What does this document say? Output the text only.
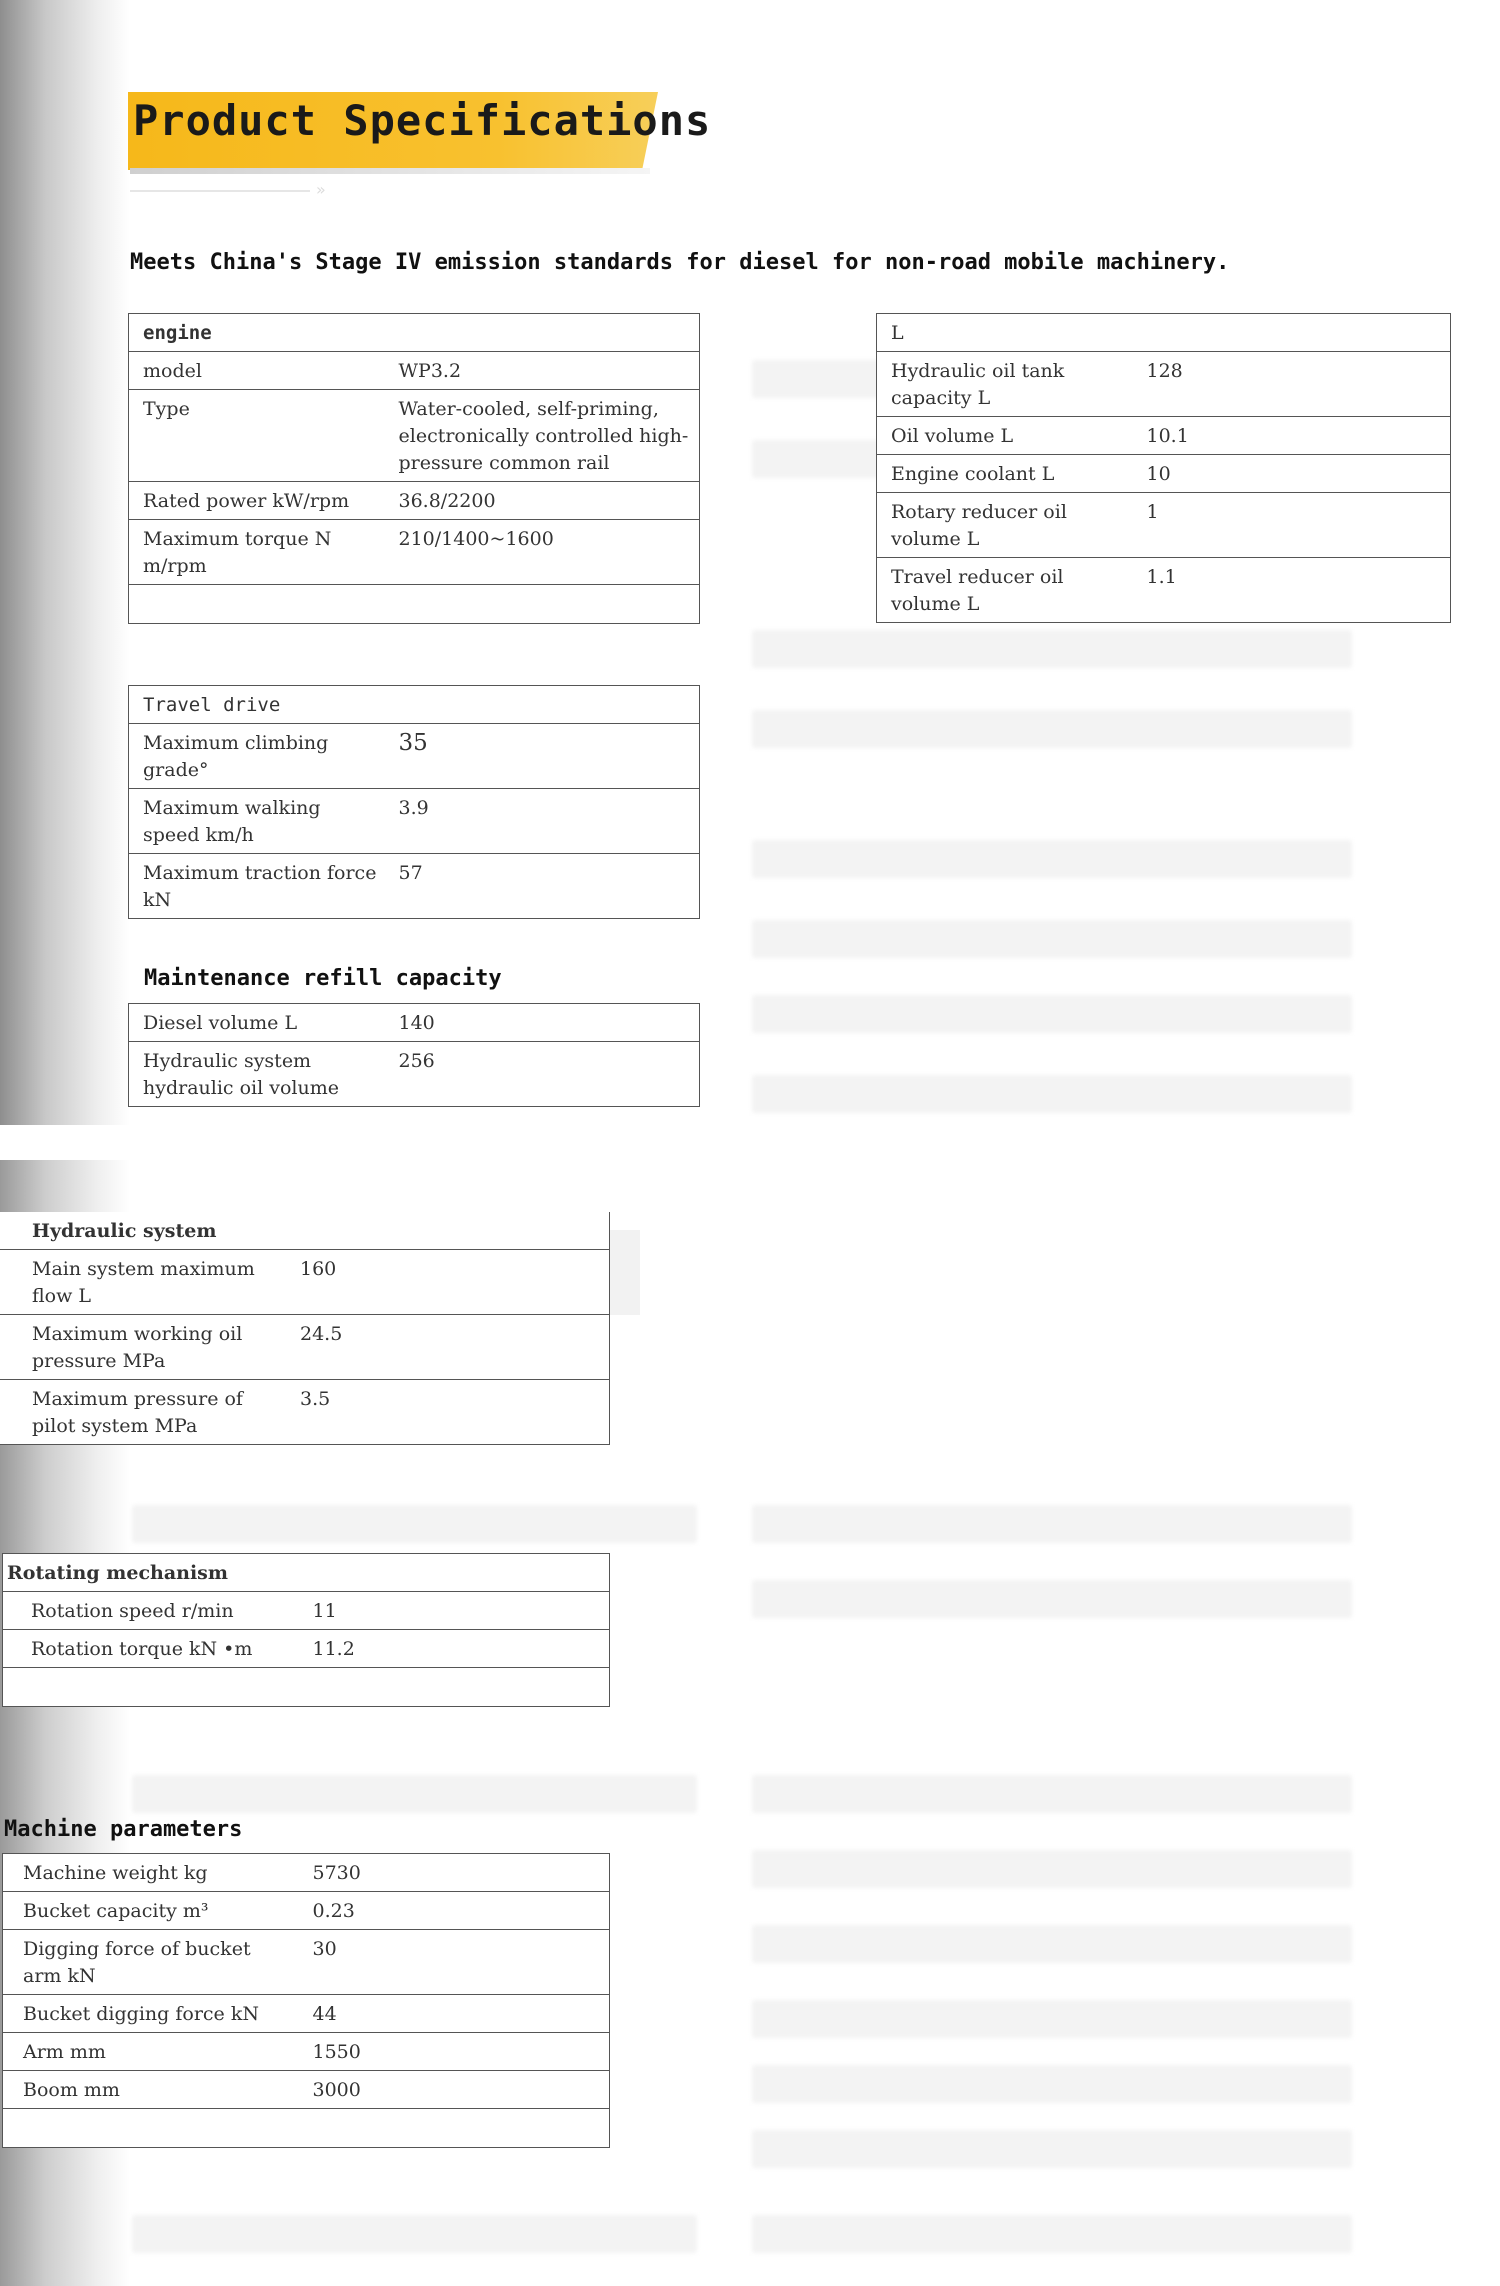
Product Specifications
»

Meets China's Stage IV emission standards for diesel for non-road mobile machinery.

engine	
model	WP3.2
Type	Water-cooled, self-priming, electronically controlled high-pressure common rail
Rated power kW/rpm	36.8/2200
Maximum torque N m/rpm	210/1400~1600

L	
Hydraulic oil tank capacity L	128
Oil volume L	10.1
Engine coolant L	10
Rotary reducer oil volume L	1
Travel reducer oil volume L	1.1
Travel drive	
Maximum climbing grade°	35
Maximum walking speed km/h	3.9
Maximum traction force kN	57
Maintenance refill capacity
Diesel volume L	140
Hydraulic system hydraulic oil volume	256
Hydraulic system	
Main system maximum flow L	160
Maximum working oil pressure MPa	24.5
Maximum pressure of pilot system MPa	3.5
Rotating mechanism	
Rotation speed r/min	11
Rotation torque kN •m	11.2

Machine parameters
Machine weight kg	5730
Bucket capacity m³	0.23
Digging force of bucket arm kN	30
Bucket digging force kN	44
Arm mm	1550
Boom mm	3000
